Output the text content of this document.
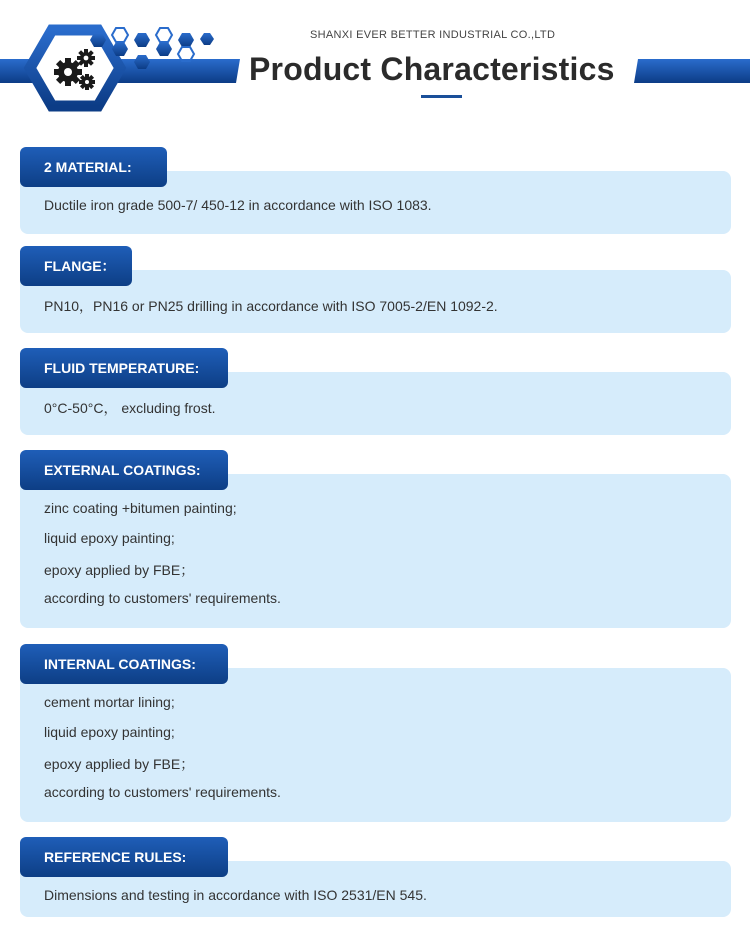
SHANXI EVER BETTER INDUSTRIAL CO.,LTD
Product Characteristics
Ductile iron grade 500-7/ 450-12 in accordance with ISO 1083.
2 MATERIAL:
PN10，PN16 or PN25 drilling in accordance with ISO 7005-2/EN 1092-2.
FLANGE：
0°C-50°C， excluding frost.
FLUID TEMPERATURE:
zinc coating +bitumen painting;
liquid epoxy painting;
epoxy applied by FBE；
according to customers' requirements.
EXTERNAL COATINGS:
cement mortar lining;
liquid epoxy painting;
epoxy applied by FBE；
according to customers' requirements.
INTERNAL COATINGS:
Dimensions and testing in accordance with ISO 2531/EN 545.
REFERENCE RULES:
